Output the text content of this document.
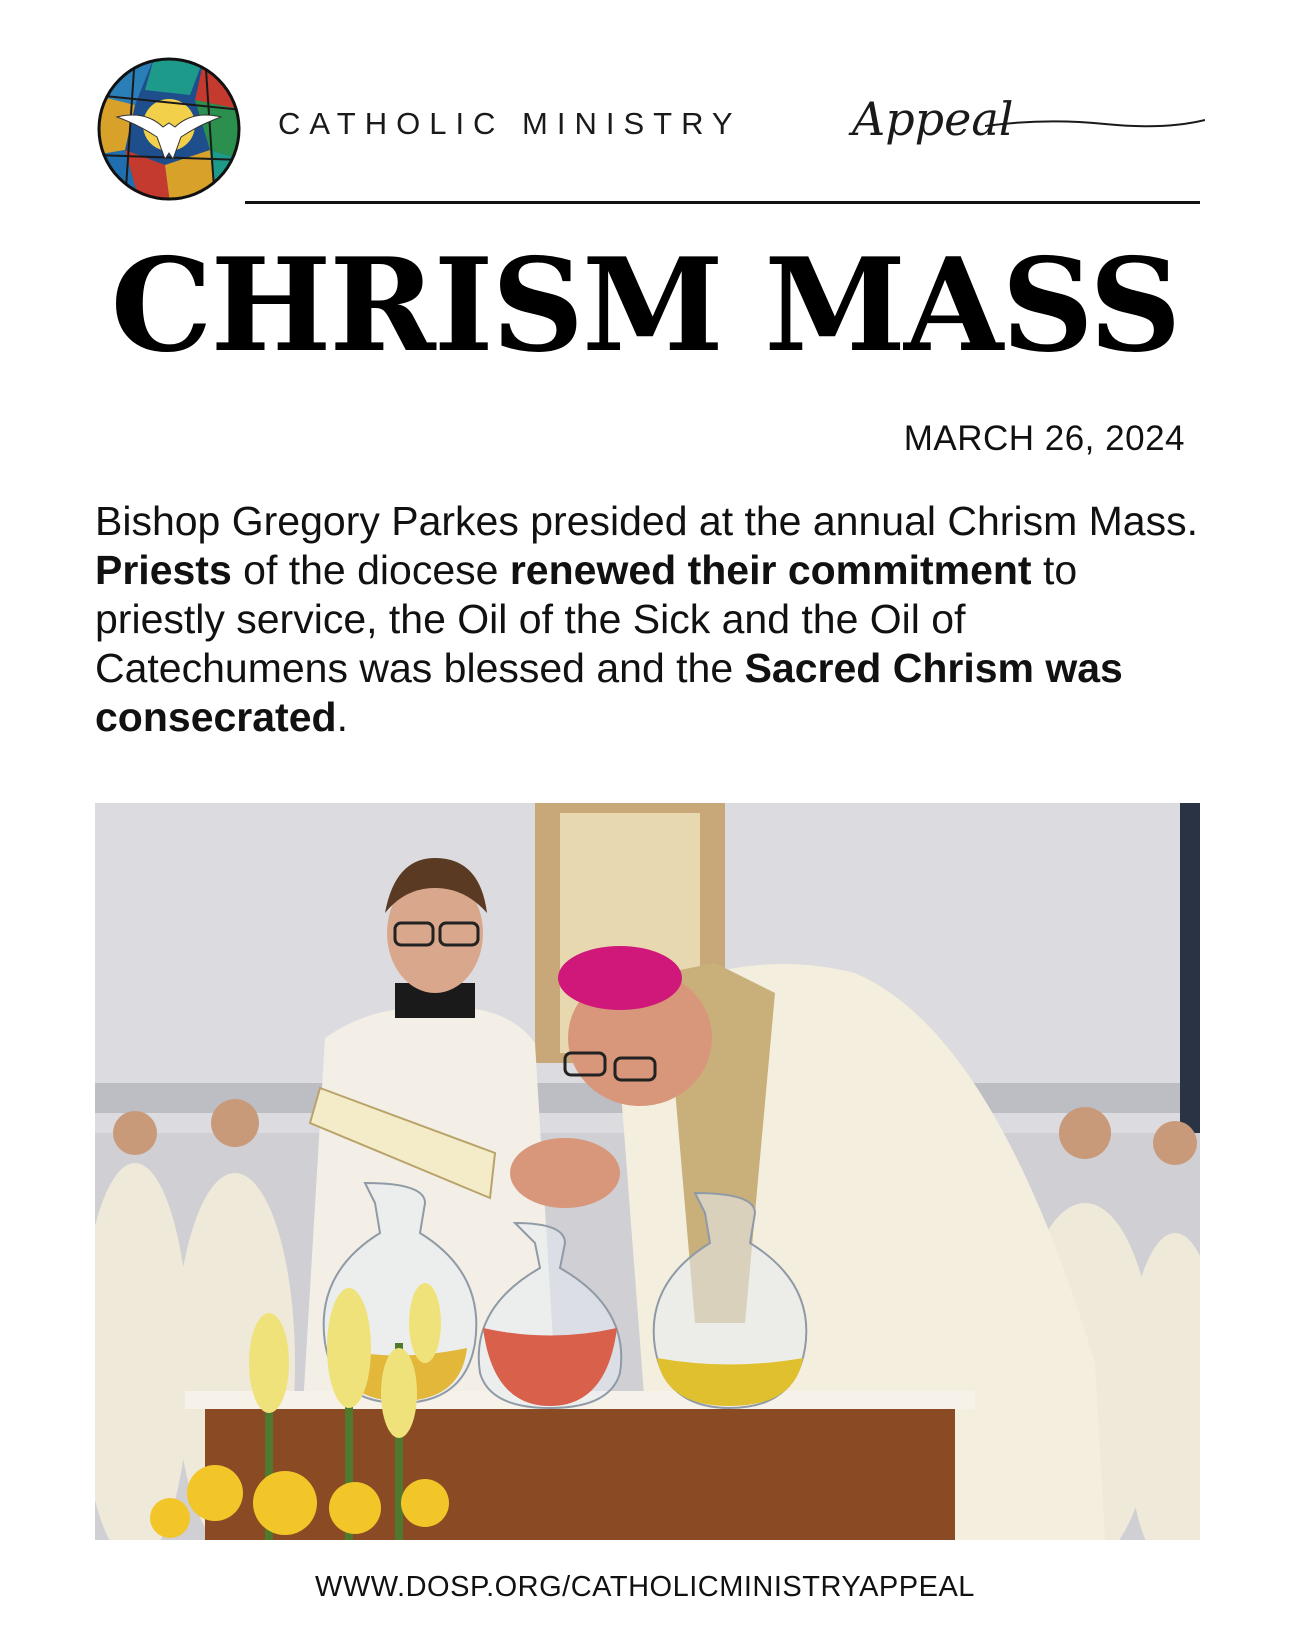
CATHOLIC MINISTRY Appeal
CHRISM MASS
MARCH 26, 2024
Bishop Gregory Parkes presided at the annual Chrism Mass. Priests of the diocese renewed their commitment to priestly service, the Oil of the Sick and the Oil of Catechumens was blessed and the Sacred Chrism was consecrated.
WWW.DOSP.ORG/CATHOLICMINISTRYAPPEAL
